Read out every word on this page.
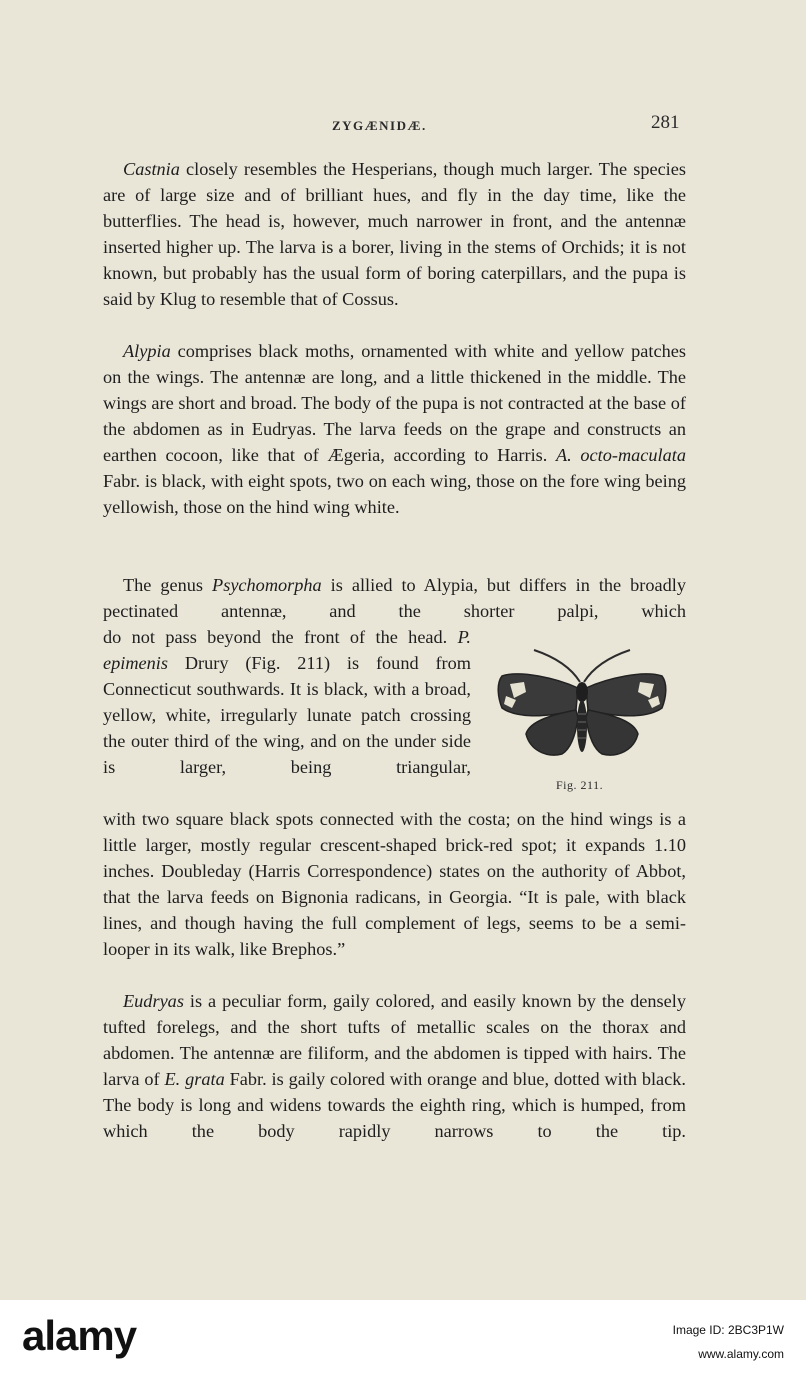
ZYGÆNIDÆ.	281

Castnia closely resembles the Hesperians, though much larger. The species are of large size and of brilliant hues, and fly in the day time, like the butterflies. The head is, however, much narrower in front, and the antennæ inserted higher up. The larva is a borer, living in the stems of Orchids; it is not known, but probably has the usual form of boring caterpillars, and the pupa is said by Klug to resemble that of Cossus.

Alypia comprises black moths, ornamented with white and yellow patches on the wings. The antennæ are long, and a little thickened in the middle. The wings are short and broad. The body of the pupa is not contracted at the base of the abdomen as in Eudryas. The larva feeds on the grape and constructs an earthen cocoon, like that of Ægeria, according to Harris. A. octo-maculata Fabr. is black, with eight spots, two on each wing, those on the fore wing being yellowish, those on the hind wing white.

The genus Psychomorpha is allied to Alypia, but differs in the broadly pectinated antennæ, and the shorter palpi, which

do not pass beyond the front of the head. P. epimenis Drury (Fig. 211) is found from Connecticut southwards. It is black, with a broad, yellow, white, irregularly lunate patch crossing the outer third of the wing, and on the under side is larger, being triangular,

Fig. 211.

with two square black spots connected with the costa; on the hind wings is a little larger, mostly regular crescent-shaped brick-red spot; it expands 1.10 inches. Doubleday (Harris Correspondence) states on the authority of Abbot, that the larva feeds on Bignonia radicans, in Georgia. “It is pale, with black lines, and though having the full complement of legs, seems to be a semi-looper in its walk, like Brephos.”

Eudryas is a peculiar form, gaily colored, and easily known by the densely tufted forelegs, and the short tufts of metallic scales on the thorax and abdomen. The antennæ are filiform, and the abdomen is tipped with hairs. The larva of E. grata Fabr. is gaily colored with orange and blue, dotted with black. The body is long and widens towards the eighth ring, which is humped, from which the body rapidly narrows to the tip.

alamy	Image ID: 2BC3P1W
www.alamy.com
